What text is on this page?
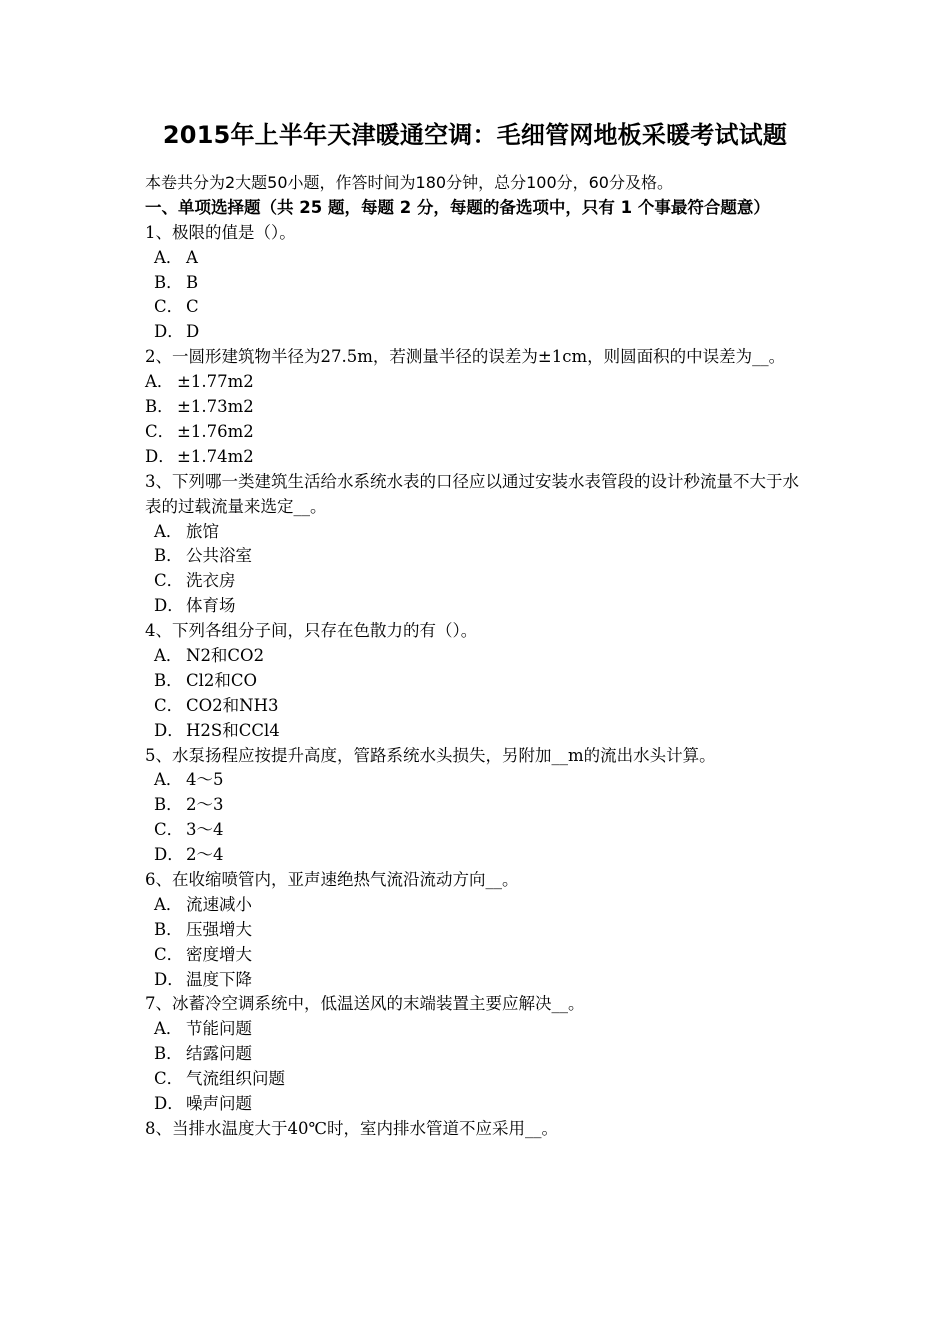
2015年上半年天津暖通空调：毛细管网地板采暖考试试题
本卷共分为2大题50小题，作答时间为180分钟，总分100分，60分及格。
一、单项选择题（共 25 题，每题 2 分，每题的备选项中，只有 1 个事最符合题意）
1、极限的值是（）。
A． A
B． B
C． C
D． D
2、一圆形建筑物半径为27.5m，若测量半径的误差为±1cm，则圆面积的中误差为__。
A． ±1.77m2
B． ±1.73m2
C． ±1.76m2
D． ±1.74m2
3、下列哪一类建筑生活给水系统水表的口径应以通过安装水表管段的设计秒流量不大于水表的过载流量来选定__。
A． 旅馆
B． 公共浴室
C． 洗衣房
D． 体育场
4、下列各组分子间，只存在色散力的有（）。
A． N2和CO2
B． Cl2和CO
C． CO2和NH3
D． H2S和CCl4
5、水泵扬程应按提升高度，管路系统水头损失，另附加__m的流出水头计算。
A． 4～5
B． 2～3
C． 3～4
D． 2～4
6、在收缩喷管内，亚声速绝热气流沿流动方向__。
A． 流速减小
B． 压强增大
C． 密度增大
D． 温度下降
7、冰蓄冷空调系统中，低温送风的末端装置主要应解决__。
A． 节能问题
B． 结露问题
C． 气流组织问题
D． 噪声问题
8、当排水温度大于40℃时，室内排水管道不应采用__。
